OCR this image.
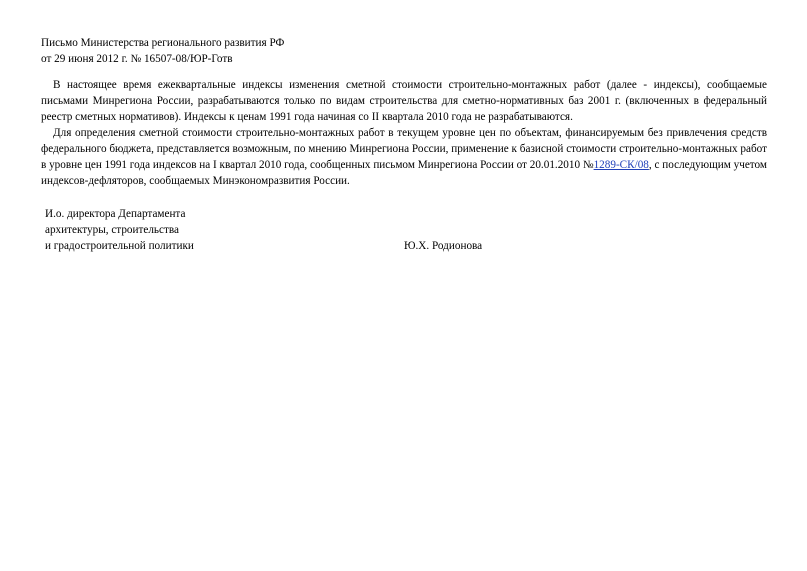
Письмо Министерства регионального развития РФ

от 29 июня 2012 г. № 16507-08/ЮР-Готв

В настоящее время ежеквартальные индексы изменения сметной стоимости строительно-монтажных работ (далее - индексы), сообщаемые письмами Минрегиона России, разрабатываются только по видам строительства для сметно-нормативных баз 2001 г. (включенных в федеральный реестр сметных нормативов). Индексы к ценам 1991 года начиная со II квартала 2010 года не разрабатываются.

Для определения сметной стоимости строительно-монтажных работ в текущем уровне цен по объектам, финансируемым без привлечения средств федерального бюджета, представляется возможным, по мнению Минрегиона России, применение к базисной стоимости строительно-монтажных работ в уровне цен 1991 года индексов на I квартал 2010 года, сообщенных письмом Минрегиона России от 20.01.2010 №1289-СК/08, с последующим учетом индексов-дефляторов, сообщаемых Минэкономразвития России.

И.о. директора Департамента
архитектуры, строительства
и градостроительной политики	Ю.Х. Родионова
